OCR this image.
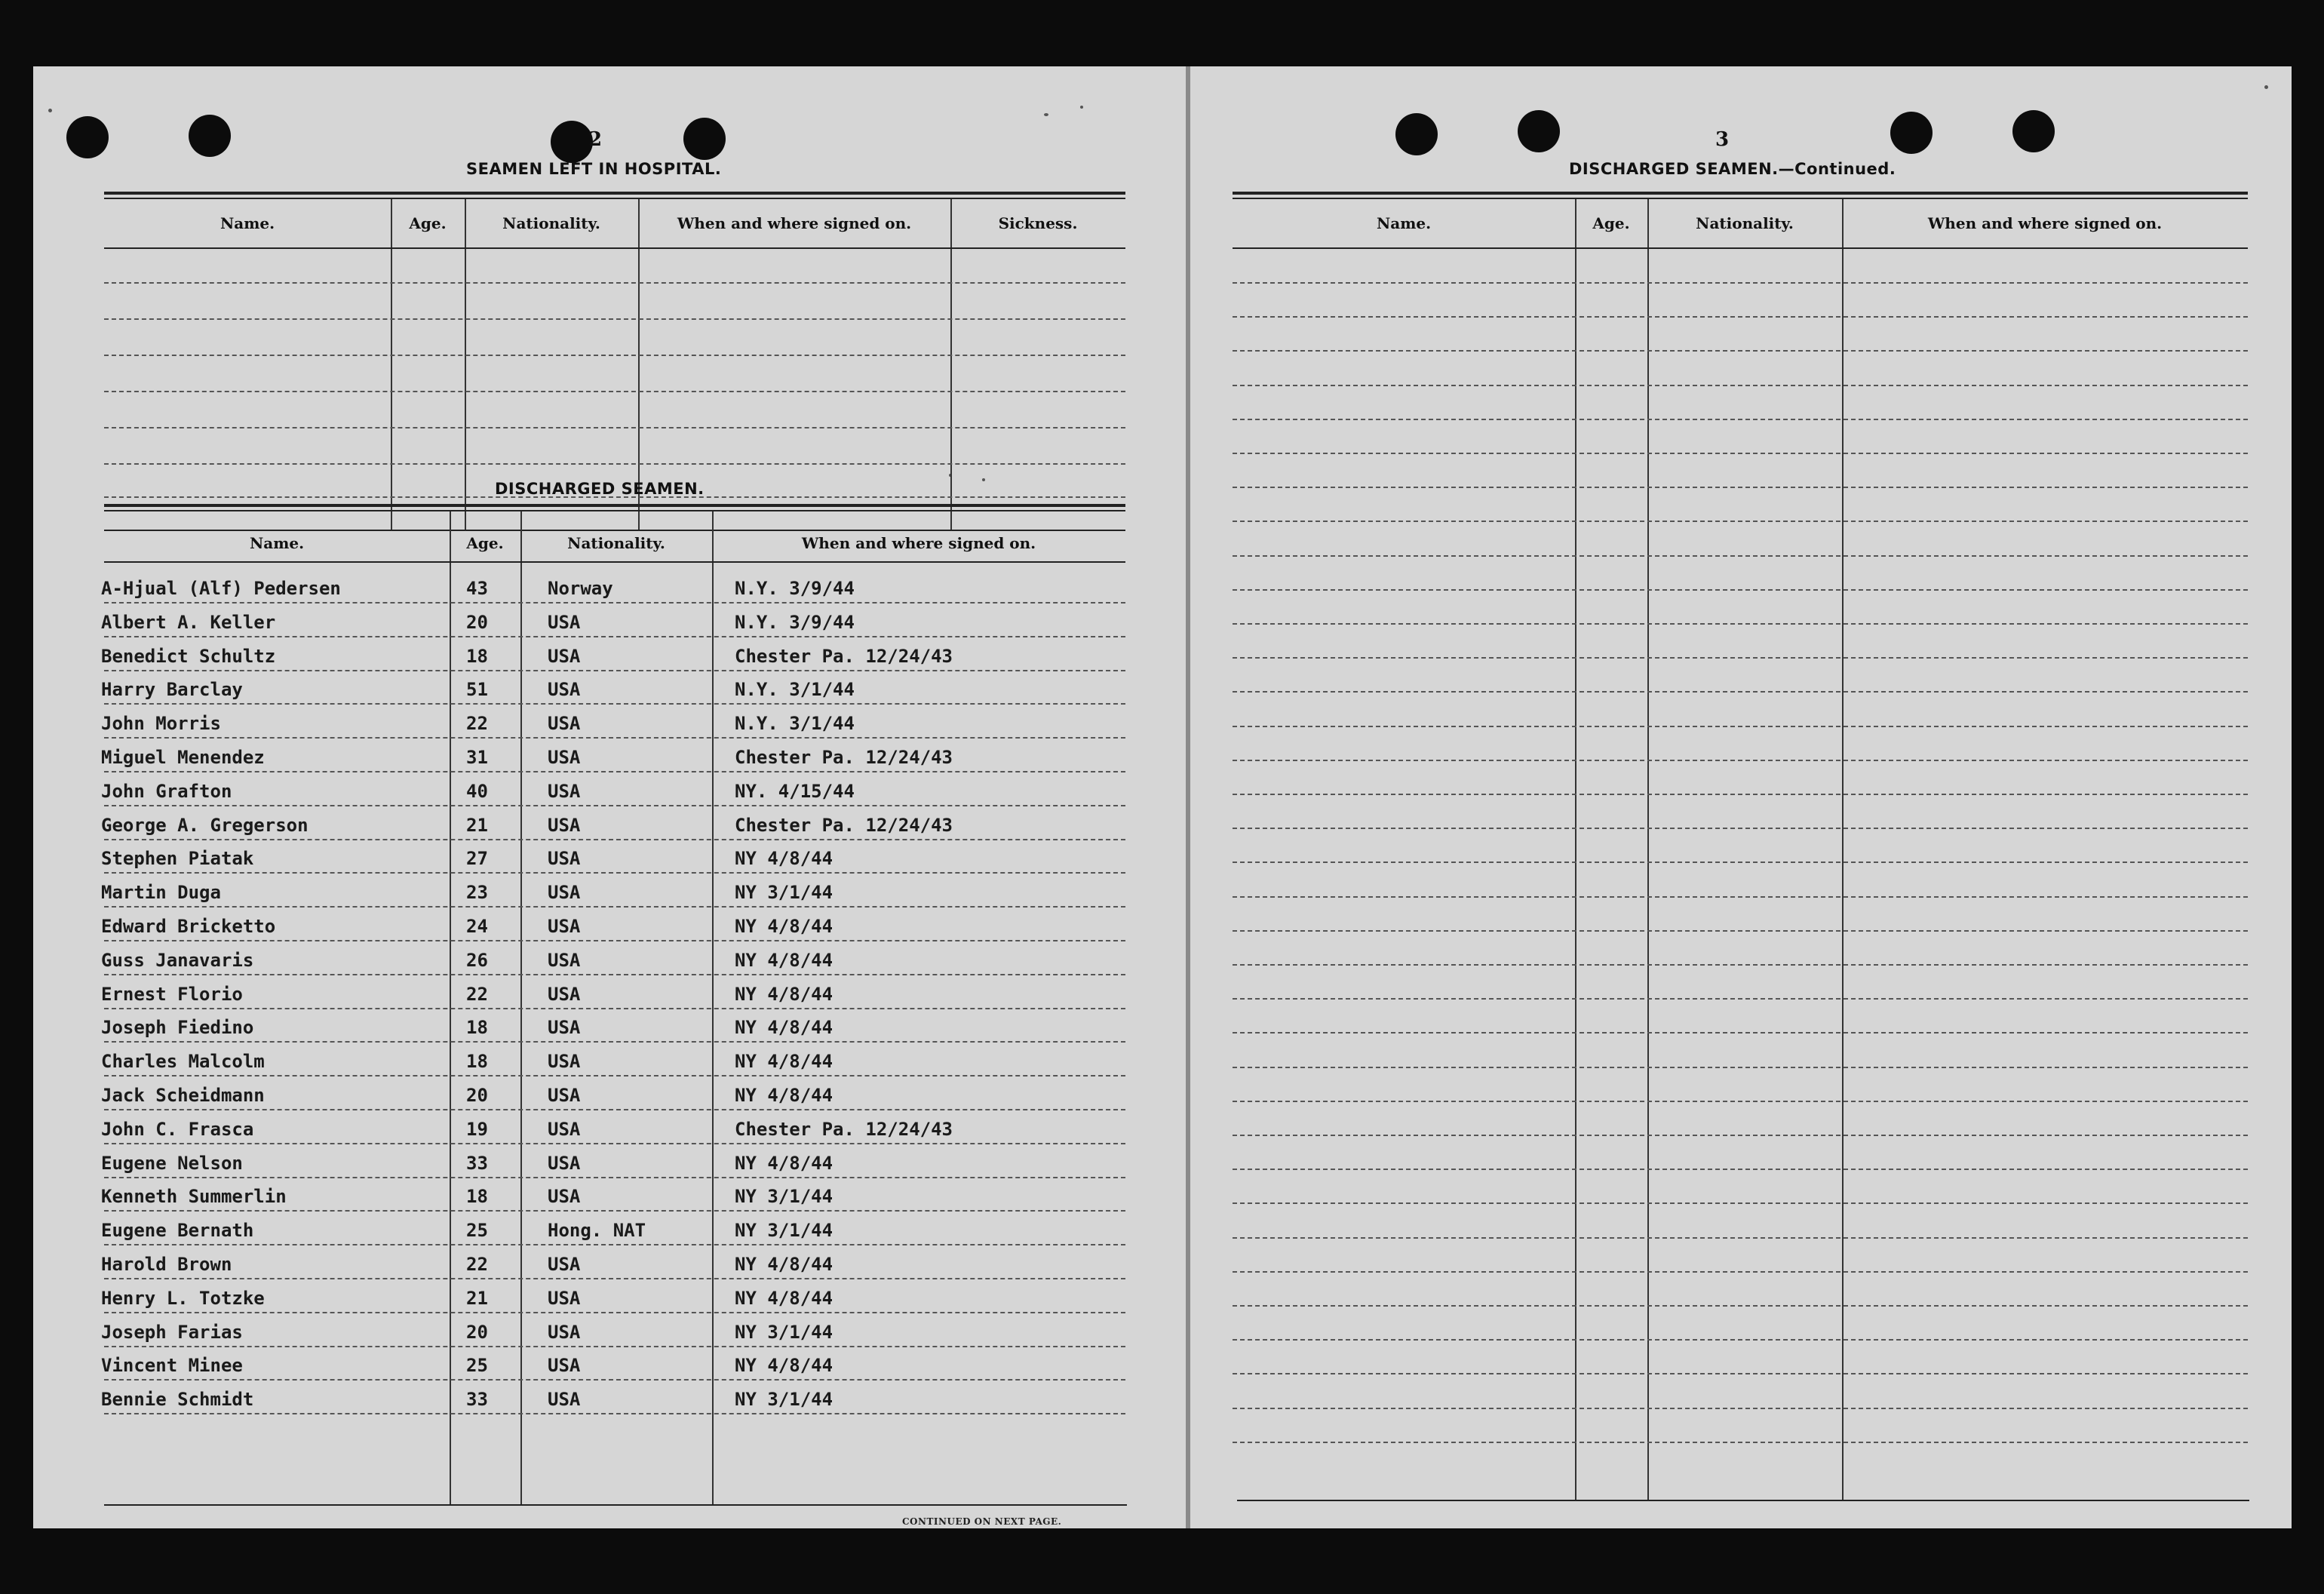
2
SEAMEN LEFT IN HOSPITAL.
Name.	Age.	Nationality.	When and where signed on.	Sickness.
DISCHARGED SEAMEN.
Name.	Age.	Nationality.	When and where signed on.
A-Hjual (Alf) Pedersen	43	Norway	N.Y. 3/9/44
Albert A. Keller	20	USA	N.Y. 3/9/44
Benedict Schultz	18	USA	Chester Pa. 12/24/43
Harry Barclay	51	USA	N.Y. 3/1/44
John Morris	22	USA	N.Y. 3/1/44
Miguel Menendez	31	USA	Chester Pa. 12/24/43
John Grafton	40	USA	NY. 4/15/44
George A. Gregerson	21	USA	Chester Pa. 12/24/43
Stephen Piatak	27	USA	NY 4/8/44
Martin Duga	23	USA	NY 3/1/44
Edward Bricketto	24	USA	NY 4/8/44
Guss Janavaris	26	USA	NY 4/8/44
Ernest Florio	22	USA	NY 4/8/44
Joseph Fiedino	18	USA	NY 4/8/44
Charles Malcolm	18	USA	NY 4/8/44
Jack Scheidmann	20	USA	NY 4/8/44
John C. Frasca	19	USA	Chester Pa. 12/24/43
Eugene Nelson	33	USA	NY 4/8/44
Kenneth Summerlin	18	USA	NY 3/1/44
Eugene Bernath	25	Hong. NAT	NY 3/1/44
Harold Brown	22	USA	NY 4/8/44
Henry L. Totzke	21	USA	NY 4/8/44
Joseph Farias	20	USA	NY 3/1/44
Vincent Minee	25	USA	NY 4/8/44
Bennie Schmidt	33	USA	NY 3/1/44
CONTINUED ON NEXT PAGE.
3
DISCHARGED SEAMEN.—Continued.
Name.	Age.	Nationality.	When and where signed on.
